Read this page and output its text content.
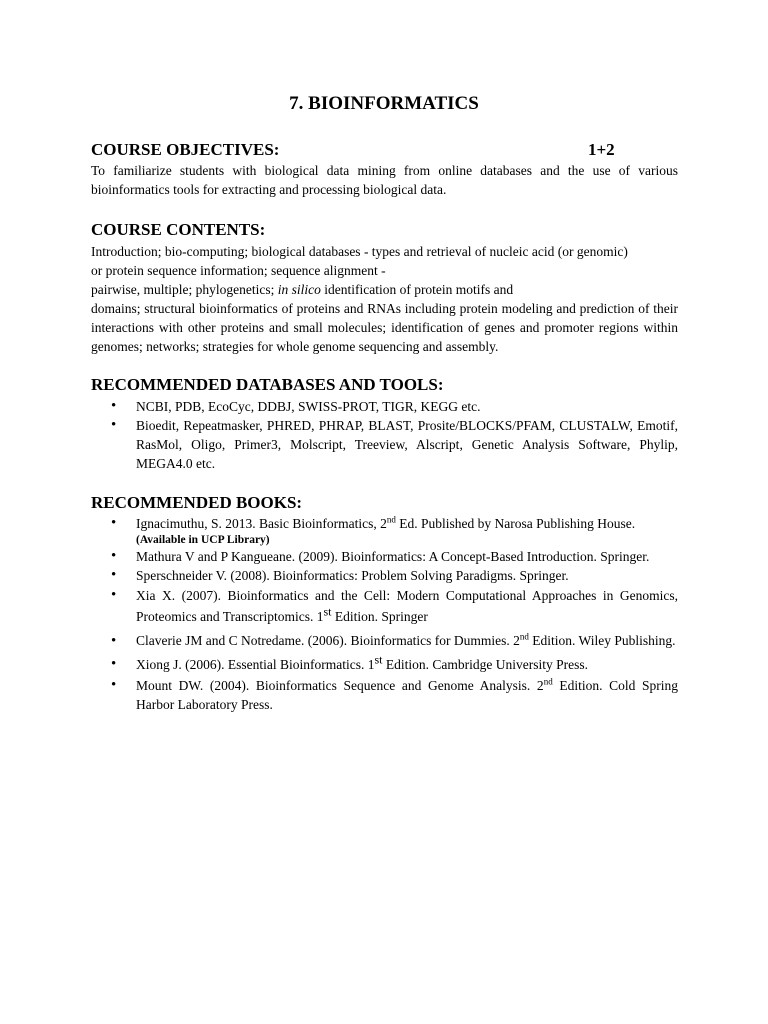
7. BIOINFORMATICS
COURSE OBJECTIVES:	1+2

To familiarize students with biological data mining from online databases and the use of various bioinformatics tools for extracting and processing biological data.

COURSE CONTENTS:
Introduction; bio-computing; biological databases - types and retrieval of nucleic acid (or genomic)
or protein sequence information; sequence alignment -
pairwise, multiple; phylogenetics; in silico identification of protein motifs and
domains; structural bioinformatics of proteins and RNAs including protein modeling and prediction of their interactions with other proteins and small molecules; identification of genes and promoter regions within genomes; networks; strategies for whole genome sequencing and assembly.
RECOMMENDED DATABASES AND TOOLS:
• NCBI, PDB, EcoCyc, DDBJ, SWISS-PROT, TIGR, KEGG etc.
• Bioedit, Repeatmasker, PHRED, PHRAP, BLAST, Prosite/BLOCKS/PFAM, CLUSTALW, Emotif, RasMol, Oligo, Primer3, Molscript, Treeview, Alscript, Genetic Analysis Software, Phylip, MEGA4.0 etc.
RECOMMENDED BOOKS:
• Ignacimuthu, S. 2013. Basic Bioinformatics, 2nd Ed. Published by Narosa Publishing House.
(Available in UCP Library)
• Mathura V and P Kangueane. (2009). Bioinformatics: A Concept-Based Introduction. Springer.
• Sperschneider V. (2008). Bioinformatics: Problem Solving Paradigms. Springer.
• Xia X. (2007). Bioinformatics and the Cell: Modern Computational Approaches in Genomics, Proteomics and Transcriptomics. 1st Edition. Springer
• Claverie JM and C Notredame. (2006). Bioinformatics for Dummies. 2nd Edition. Wiley Publishing.
• Xiong J. (2006). Essential Bioinformatics. 1st Edition. Cambridge University Press.
• Mount DW. (2004). Bioinformatics Sequence and Genome Analysis. 2nd Edition. Cold Spring Harbor Laboratory Press.
